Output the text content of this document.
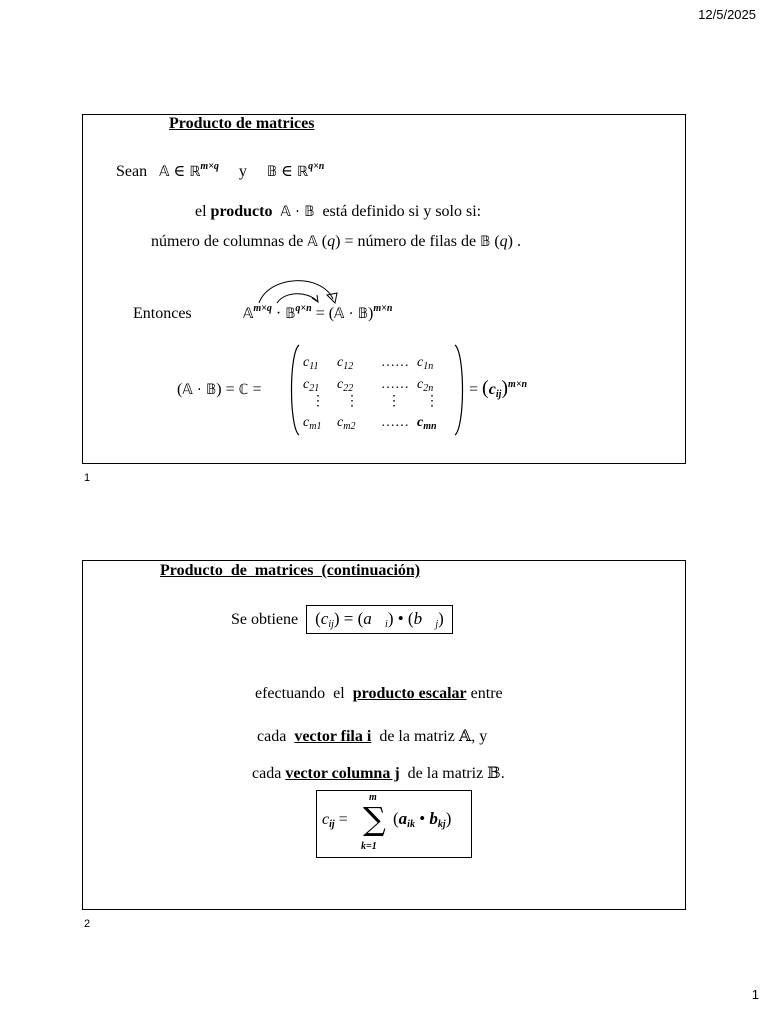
12/5/2025
Producto de matrices
Sean 𝔸 ∈ ℝ$^{m\times q}$ y 𝔹 ∈ ℝ$^{q\times n}$
el producto 𝔸 · 𝔹 está definido si y solo si:
número de columnas de 𝔸 (q) = número de filas de 𝔹 (q) .
Entonces	𝔸$^{m\times q}$ · 𝔹$^{q\times n}$ = (𝔸 · 𝔹)$^{m\times n}$
(𝔸 · 𝔹) = ℂ =
$c_{11}$ $c_{12}$ …… $c_{1n}$
$c_{21}$ $c_{22}$ …… $c_{2n}$
⋮ ⋮ ⋮ ⋮
$c_{m1}$ $c_{m2}$ …… $c_{mn}$
= $(c_{ij})^{m\times n}$
1
Producto  de  matrices  (continuación)
Se obtiene $(c_{ij})$ = $(a⃗_i)$ • $(b⃗_j)$

efectuando  el producto escalar entre

cada vector fila i de la matriz 𝔸, y

cada vector columna j de la matriz 𝔹.

$c_{ij}$ = ∑
m
k=1
($a_{ik}$ • $b_{kj}$)
2
1
